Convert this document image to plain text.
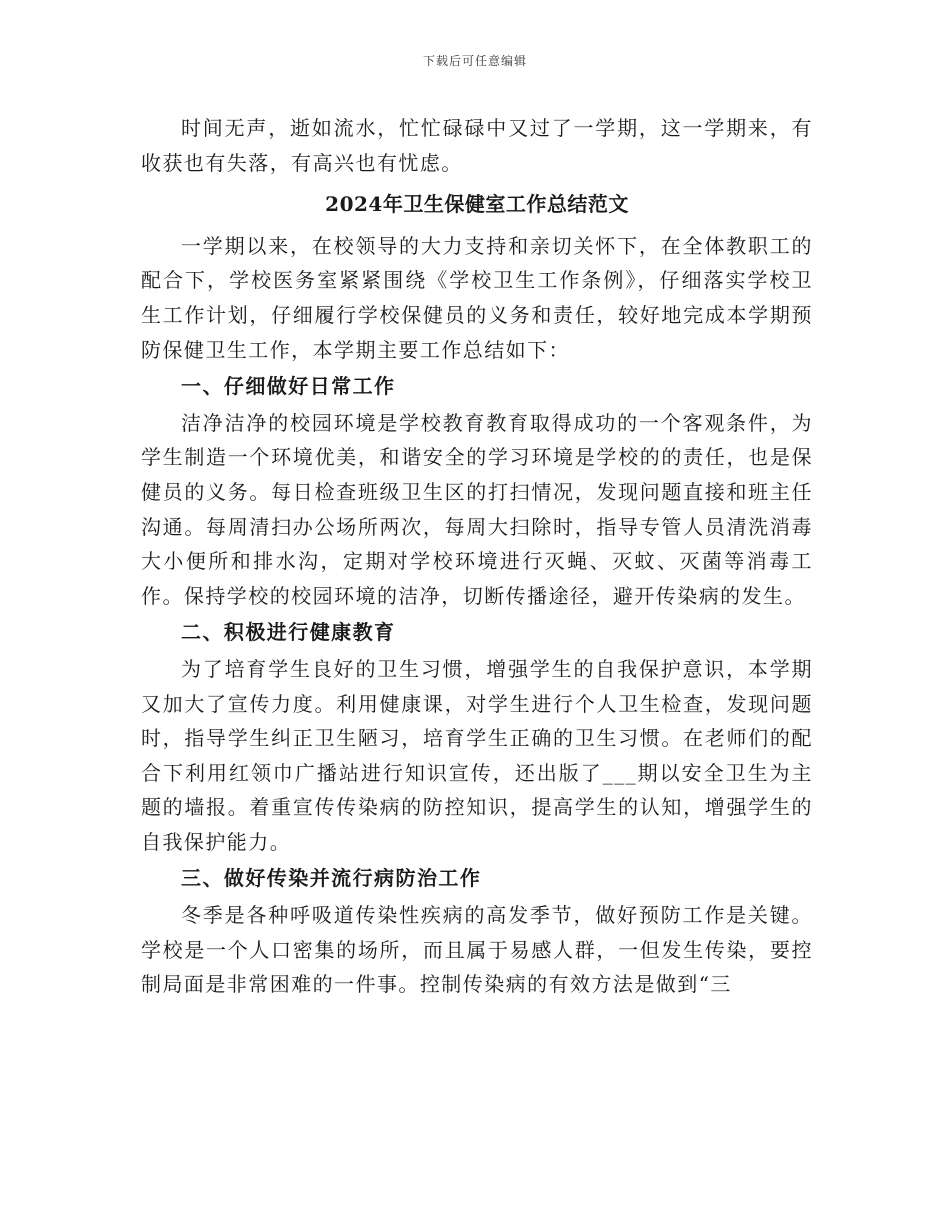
下载后可任意编辑

时间无声，逝如流水，忙忙碌碌中又过了一学期，这一学期来，有收获也有失落，有高兴也有忧虑。

2024年卫生保健室工作总结范文

一学期以来，在校领导的大力支持和亲切关怀下，在全体教职工的配合下，学校医务室紧紧围绕《学校卫生工作条例》，仔细落实学校卫生工作计划，仔细履行学校保健员的义务和责任，较好地完成本学期预防保健卫生工作，本学期主要工作总结如下：

一、仔细做好日常工作

洁净洁净的校园环境是学校教育教育取得成功的一个客观条件，为学生制造一个环境优美，和谐安全的学习环境是学校的的责任，也是保健员的义务。每日检查班级卫生区的打扫情况，发现问题直接和班主任沟通。每周清扫办公场所两次，每周大扫除时，指导专管人员清洗消毒大小便所和排水沟，定期对学校环境进行灭蝇、灭蚊、灭菌等消毒工作。保持学校的校园环境的洁净，切断传播途径，避开传染病的发生。

二、积极进行健康教育

为了培育学生良好的卫生习惯，增强学生的自我保护意识，本学期又加大了宣传力度。利用健康课，对学生进行个人卫生检查，发现问题时，指导学生纠正卫生陋习，培育学生正确的卫生习惯。在老师们的配合下利用红领巾广播站进行知识宣传，还出版了___期以安全卫生为主题的墙报。着重宣传传染病的防控知识，提高学生的认知，增强学生的自我保护能力。

三、做好传染并流行病防治工作

冬季是各种呼吸道传染性疾病的高发季节，做好预防工作是关键。学校是一个人口密集的场所，而且属于易感人群，一但发生传染，要控制局面是非常困难的一件事。控制传染病的有效方法是做到“三
